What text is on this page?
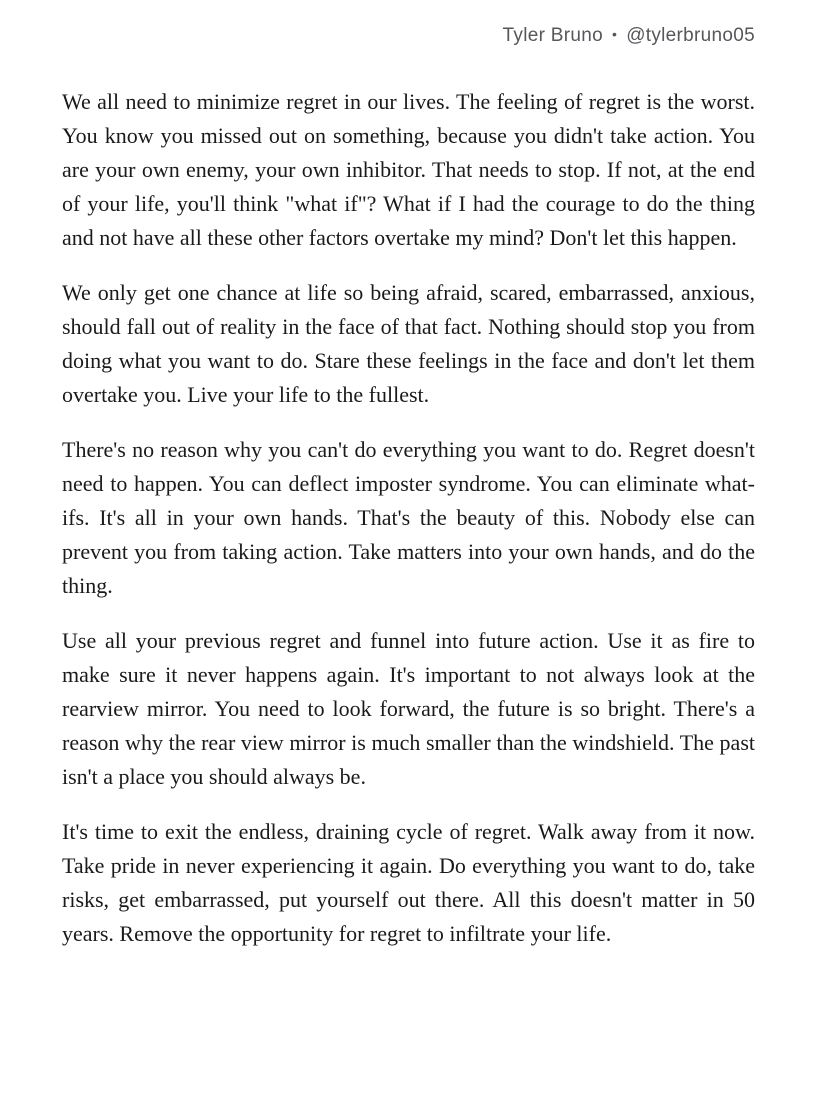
Tyler Bruno • @tylerbruno05

We all need to minimize regret in our lives. The feeling of regret is the worst. You know you missed out on something, because you didn't take action. You are your own enemy, your own inhibitor. That needs to stop. If not, at the end of your life, you'll think "what if"? What if I had the courage to do the thing and not have all these other factors overtake my mind? Don't let this happen.

We only get one chance at life so being afraid, scared, embarrassed, anxious, should fall out of reality in the face of that fact. Nothing should stop you from doing what you want to do. Stare these feelings in the face and don't let them overtake you. Live your life to the fullest.

There's no reason why you can't do everything you want to do. Regret doesn't need to happen. You can deflect imposter syndrome. You can eliminate what-ifs. It's all in your own hands. That's the beauty of this. Nobody else can prevent you from taking action. Take matters into your own hands, and do the thing.

Use all your previous regret and funnel into future action. Use it as fire to make sure it never happens again. It's important to not always look at the rearview mirror. You need to look forward, the future is so bright. There's a reason why the rear view mirror is much smaller than the windshield. The past isn't a place you should always be.

It's time to exit the endless, draining cycle of regret. Walk away from it now. Take pride in never experiencing it again. Do everything you want to do, take risks, get embarrassed, put yourself out there. All this doesn't matter in 50 years. Remove the opportunity for regret to infiltrate your life.
